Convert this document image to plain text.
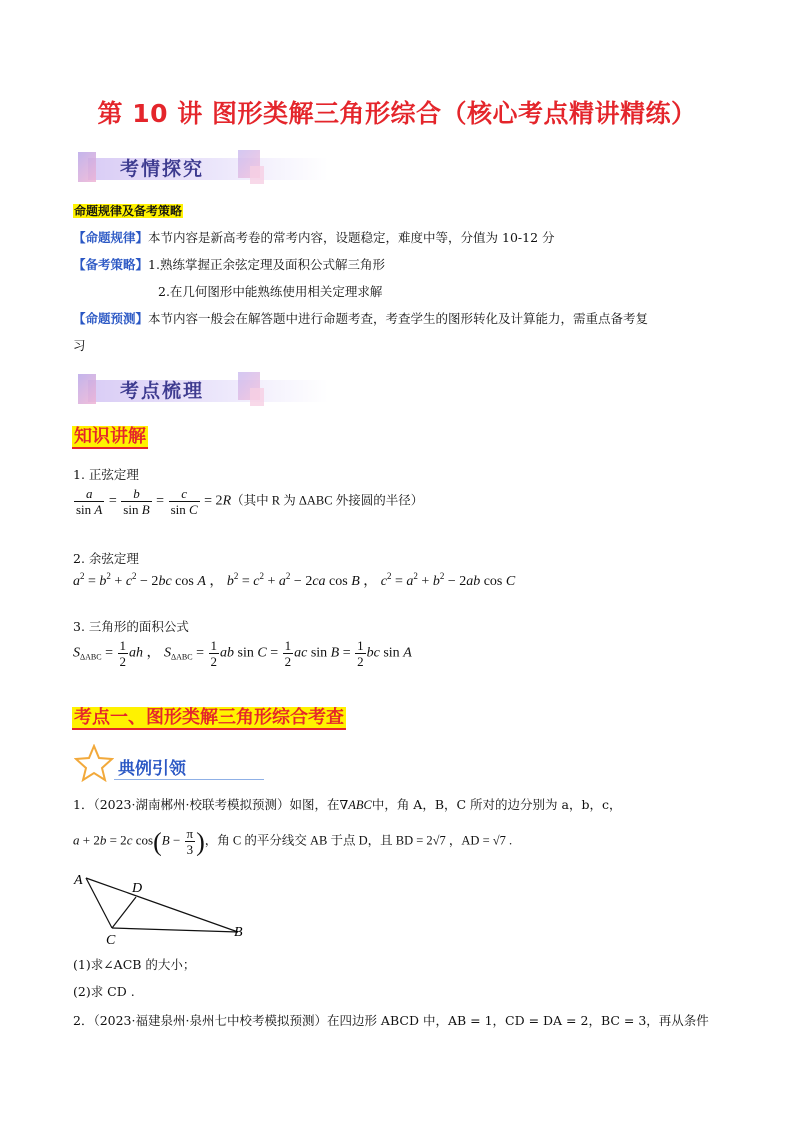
第 10 讲 图形类解三角形综合（核心考点精讲精练）
考情探究
命题规律及备考策略
【命题规律】本节内容是新高考卷的常考内容，设题稳定，难度中等，分值为 10-12 分
【备考策略】1.熟练掌握正余弦定理及面积公式解三角形
2.在几何图形中能熟练使用相关定理求解
【命题预测】本节内容一般会在解答题中进行命题考查，考查学生的图形转化及计算能力，需重点备考复
习
考点梳理
知识讲解
1. 正弦定理
$\frac{a}{\text{sin A}} = \frac{b}{\text{sin B}} = \frac{c}{\text{sin C}} = 2R$（其中 R 为 ΔABC 外接圆的半径）
2. 余弦定理
$a^2 = b^2 + c^2 - 2bc$ cos A ， $b^2 = c^2 + a^2 - 2ca$ cos B ， $c^2 = a^2 + b^2 - 2ab$ cos C
3. 三角形的面积公式
$S_{\Delta ABC} = \frac{1}{2}$ ah ， $S_{\Delta ABC} = \frac{1}{2}$ ab $\sin C = \frac{1}{2}$ ac $\sin B = \frac{1}{2}$ bc sin A
考点一、图形类解三角形综合考查
典例引领
1．（2023·湖南郴州·校联考模拟预测）如图，在∇ABC中，角 A，B，C 所对的边分别为 a，b，c，
a + 2b = 2c $\cos(B - \frac{\pi}{3}$ )，角 C 的平分线交 AB 于点 D，且 BD = 2√7 ，AD = √7 .
A
D
C
B
(1)求∠ACB 的大小；
(2)求 CD .
2．（2023·福建泉州·泉州七中校考模拟预测）在四边形 ABCD 中，AB = 1，CD = DA = 2，BC = 3，再从条件
